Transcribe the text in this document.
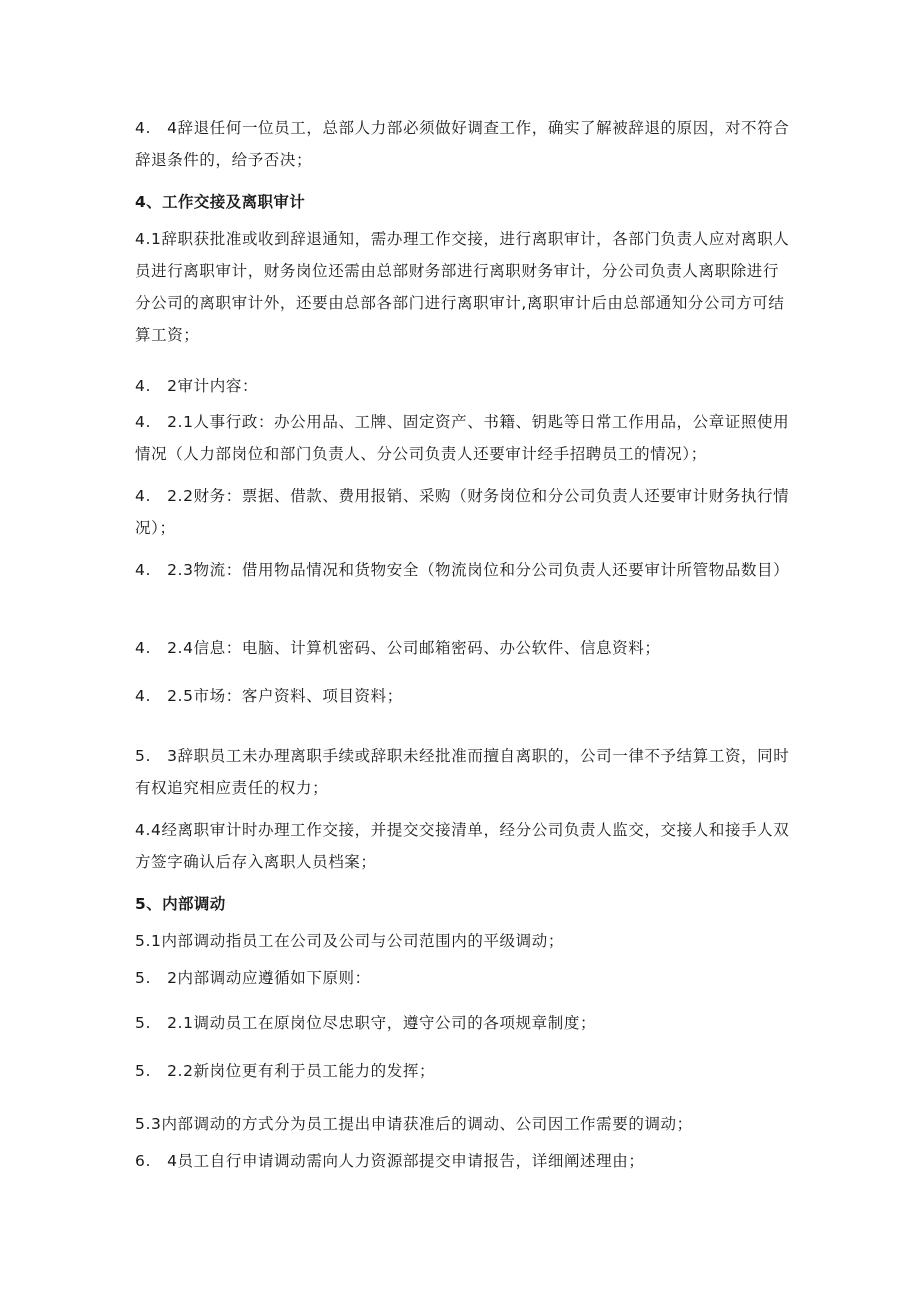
4.　4辞退任何一位员工，总部人力部必须做好调查工作，确实了解被辞退的原因，对不符合辞退条件的，给予否决；

4、工作交接及离职审计

4.1辞职获批准或收到辞退通知，需办理工作交接，进行离职审计，各部门负责人应对离职人员进行离职审计，财务岗位还需由总部财务部进行离职财务审计，分公司负责人离职除进行分公司的离职审计外，还要由总部各部门进行离职审计,离职审计后由总部通知分公司方可结算工资；

4.　2审计内容：

4.　2.1人事行政：办公用品、工牌、固定资产、书籍、钥匙等日常工作用品，公章证照使用情况（人力部岗位和部门负责人、分公司负责人还要审计经手招聘员工的情况）；

4.　2.2财务：票据、借款、费用报销、采购（财务岗位和分公司负责人还要审计财务执行情况）；

4.　2.3物流：借用物品情况和货物安全（物流岗位和分公司负责人还要审计所管物品数目）

4.　2.4信息：电脑、计算机密码、公司邮箱密码、办公软件、信息资料；

4.　2.5市场：客户资料、项目资料；

5.　3辞职员工未办理离职手续或辞职未经批准而擅自离职的，公司一律不予结算工资，同时有权追究相应责任的权力；

4.4经离职审计时办理工作交接，并提交交接清单，经分公司负责人监交，交接人和接手人双方签字确认后存入离职人员档案；

5、内部调动

5.1内部调动指员工在公司及公司与公司范围内的平级调动；

5.　2内部调动应遵循如下原则：

5.　2.1调动员工在原岗位尽忠职守，遵守公司的各项规章制度；

5.　2.2新岗位更有利于员工能力的发挥；

5.3内部调动的方式分为员工提出申请获准后的调动、公司因工作需要的调动；

6.　4员工自行申请调动需向人力资源部提交申请报告，详细阐述理由；
